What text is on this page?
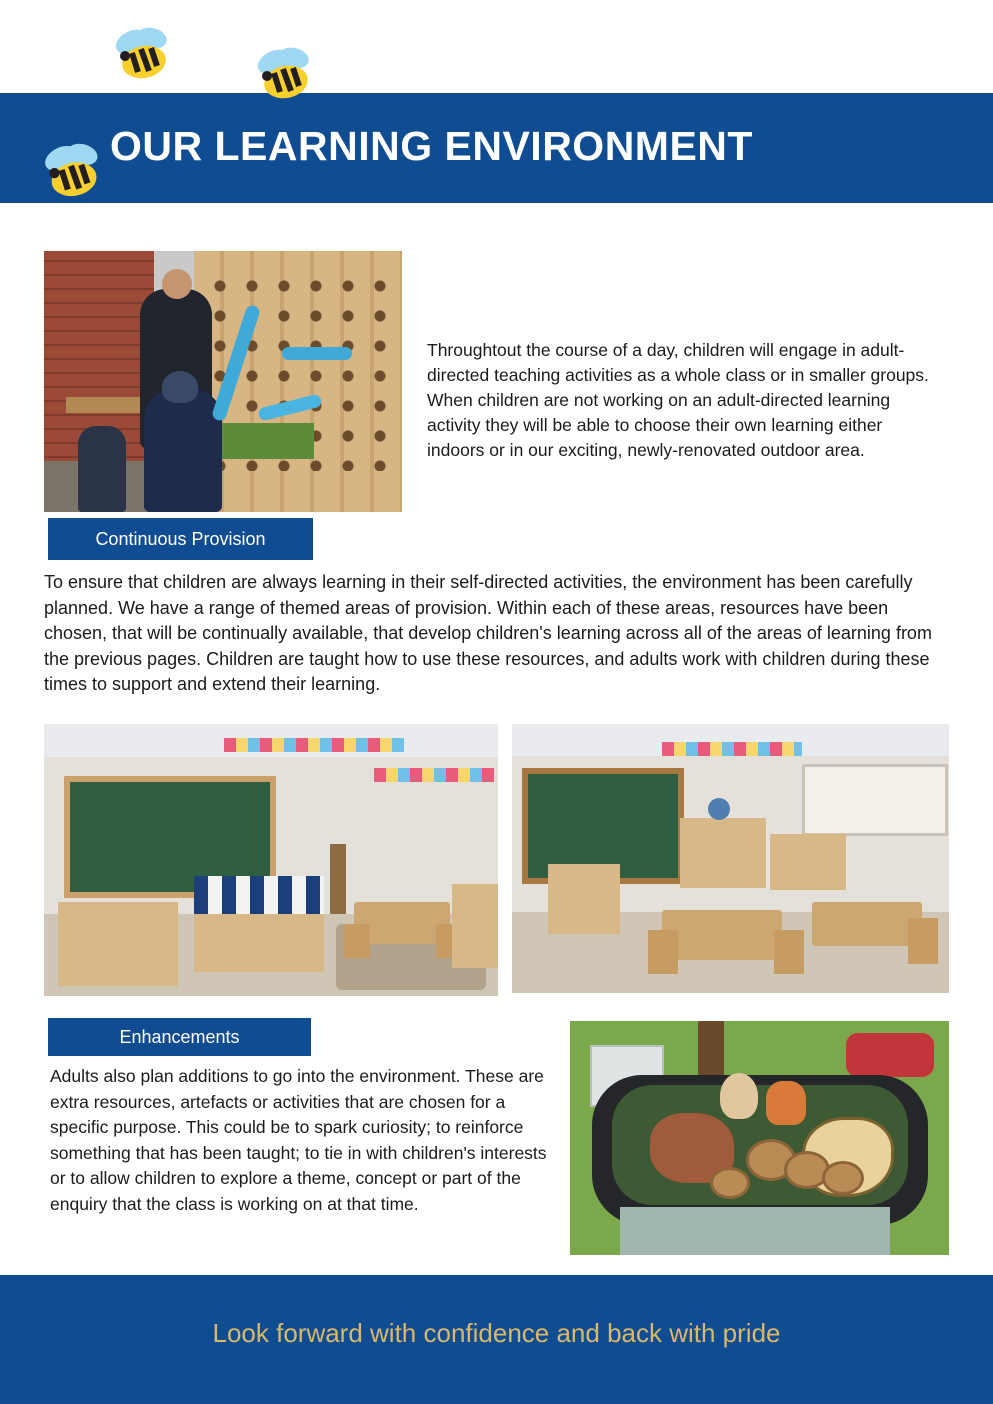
OUR LEARNING ENVIRONMENT
Throughtout the course of a day, children will engage in adult-directed teaching activities as a whole class or in smaller groups. When children are not working on an adult-directed learning activity they will be able to choose their own learning either indoors or in our exciting, newly-renovated outdoor area.
Continuous Provision
To ensure that children are always learning in their self-directed activities, the environment has been carefully planned. We have a range of themed areas of provision. Within each of these areas, resources have been chosen, that will be continually available, that develop children's learning across all of the areas of learning from the previous pages. Children are taught how to use these resources, and adults work with children during these times to support and extend their learning.
Enhancements
Adults also plan additions to go into the environment. These are extra resources, artefacts or activities that are chosen for a specific purpose. This could be to spark curiosity; to reinforce something that has been taught; to tie in with children's interests or to allow children to explore a theme, concept or part of the enquiry that the class is working on at that time.
Look forward with confidence and back with pride
